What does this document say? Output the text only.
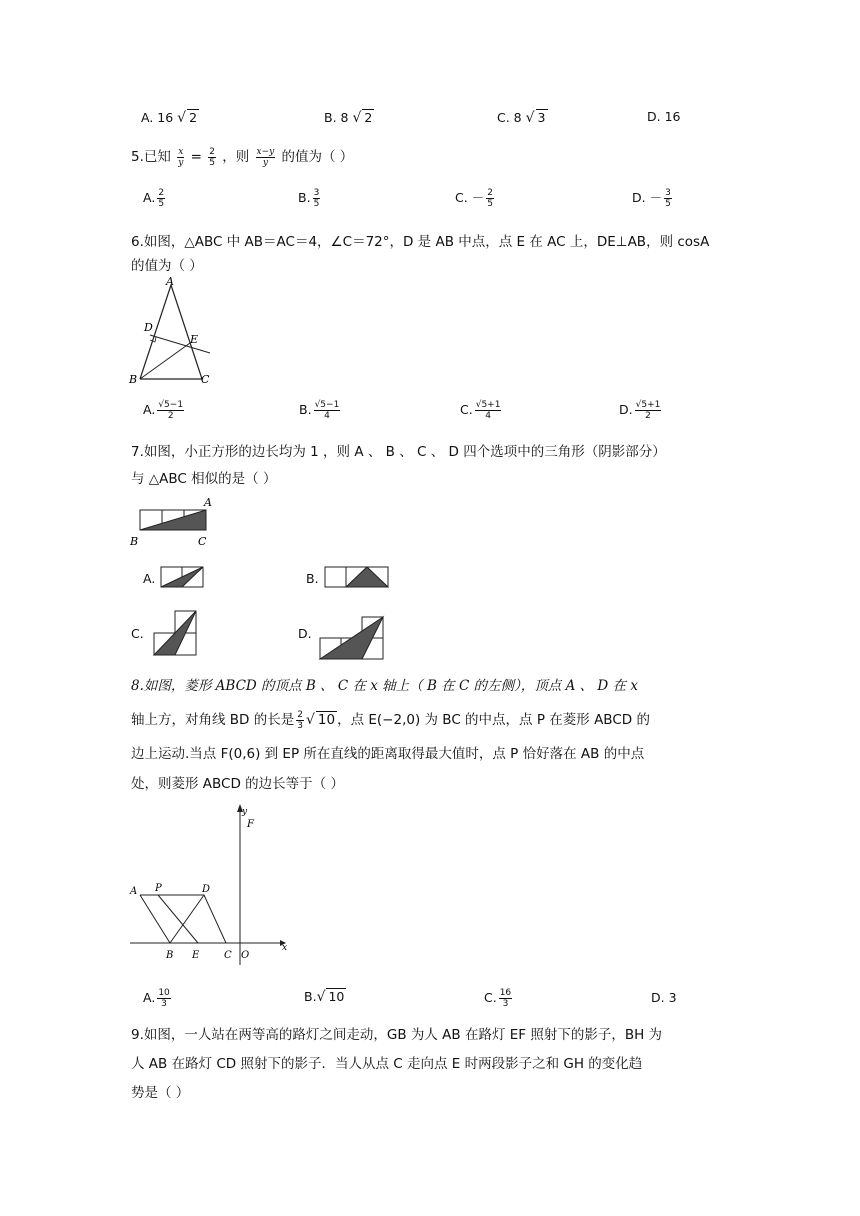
A. 16 √ 2	B. 8 √ 2	C. 8 √ 3	D. 16
5.已知 $\frac{x}{y} = \frac{2}{5}$ ，则 $\frac{x-y}{y}$ 的值为（ ）
A. $\frac{2}{5}$	B. $\frac{3}{5}$	C. － $\frac{2}{5}$	D. － $\frac{3}{5}$
6.如图，△ABC 中 AB＝AC＝4，∠C＝72°，D 是 AB 中点，点 E 在 AC 上，DE⊥AB，则 cosA
的值为（ ）
A
D
E
B	C
A. $\frac{√5-1}{2}$	B. $\frac{√5-1}{4}$	C. $\frac{√5+1}{4}$	D. $\frac{√5+1}{2}$
7.如图，小正方形的边长均为 1 ，则 A 、 B 、 C 、 D 四个选项中的三角形（阴影部分）
与 △ABC 相似的是（ ）
A
B	C
A.	B.
C.	D.
8.如图，菱形 ABCD 的顶点 B 、 C 在 x 轴上（ B 在 C 的左侧），顶点 A 、 D 在 x
轴上方，对角线 BD 的长是 $\frac{2}{3}$ √ 10 ，点 E(−2,0) 为 BC 的中点，点 P 在菱形 ABCD 的
边上运动.当点 F(0,6) 到 EP 所在直线的距离取得最大值时，点 P 恰好落在 AB 的中点
处，则菱形 ABCD 的边长等于（ ）
y
F
A P	D
B E C O
x
A. $\frac{10}{3}$	B.√ 10	C. $\frac{16}{3}$	D. 3
9.如图，一人站在两等高的路灯之间走动，GB 为人 AB 在路灯 EF 照射下的影子，BH 为
人 AB 在路灯 CD 照射下的影子．当人从点 C 走向点 E 时两段影子之和 GH 的变化趋
势是（ ）
